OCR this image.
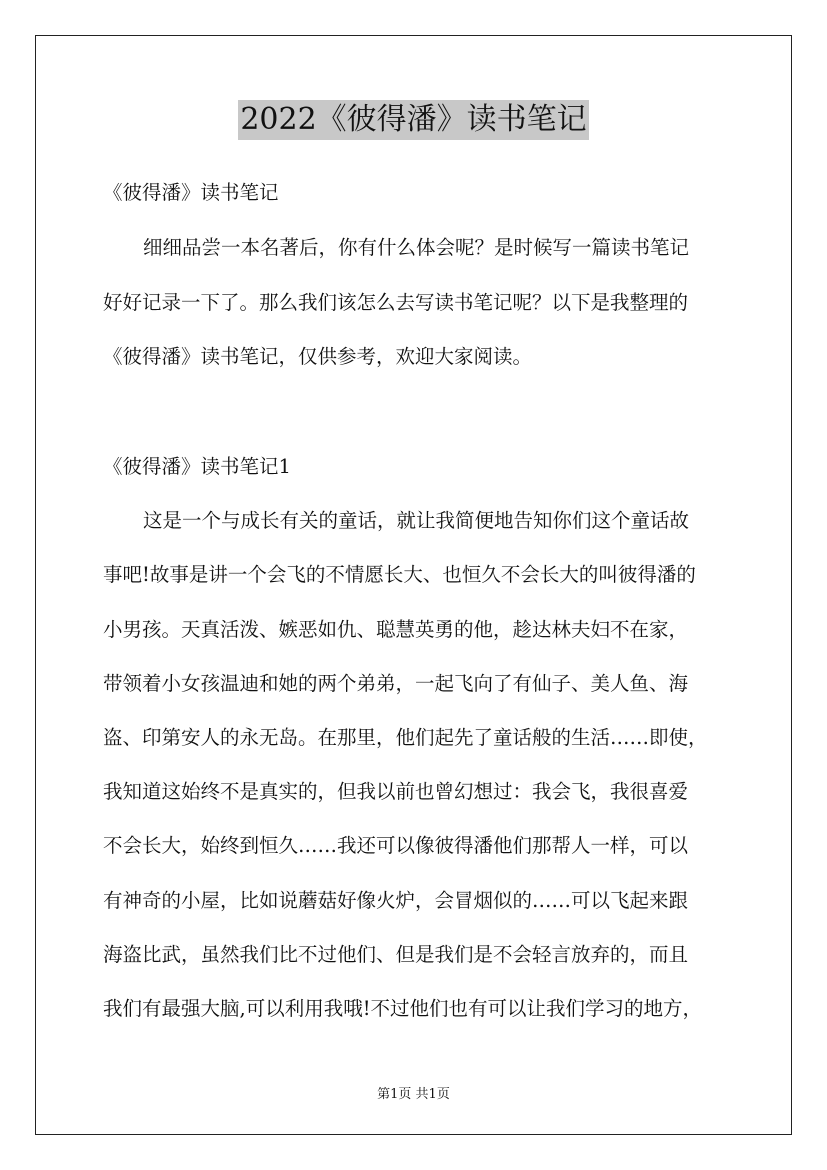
2022《彼得潘》读书笔记
《彼得潘》读书笔记
细细品尝一本名著后，你有什么体会呢？是时候写一篇读书笔记
好好记录一下了。那么我们该怎么去写读书笔记呢？以下是我整理的
《彼得潘》读书笔记，仅供参考，欢迎大家阅读。
《彼得潘》读书笔记1
这是一个与成长有关的童话，就让我简便地告知你们这个童话故
事吧!故事是讲一个会飞的不情愿长大、也恒久不会长大的叫彼得潘的
小男孩。天真活泼、嫉恶如仇、聪慧英勇的他，趁达林夫妇不在家，
带领着小女孩温迪和她的两个弟弟，一起飞向了有仙子、美人鱼、海
盗、印第安人的永无岛。在那里，他们起先了童话般的生活……即使，
我知道这始终不是真实的，但我以前也曾幻想过：我会飞，我很喜爱
不会长大，始终到恒久……我还可以像彼得潘他们那帮人一样，可以
有神奇的小屋，比如说蘑菇好像火炉，会冒烟似的……可以飞起来跟
海盗比武，虽然我们比不过他们、但是我们是不会轻言放弃的，而且
我们有最强大脑,可以利用我哦!不过他们也有可以让我们学习的地方，
第1页 共1页
